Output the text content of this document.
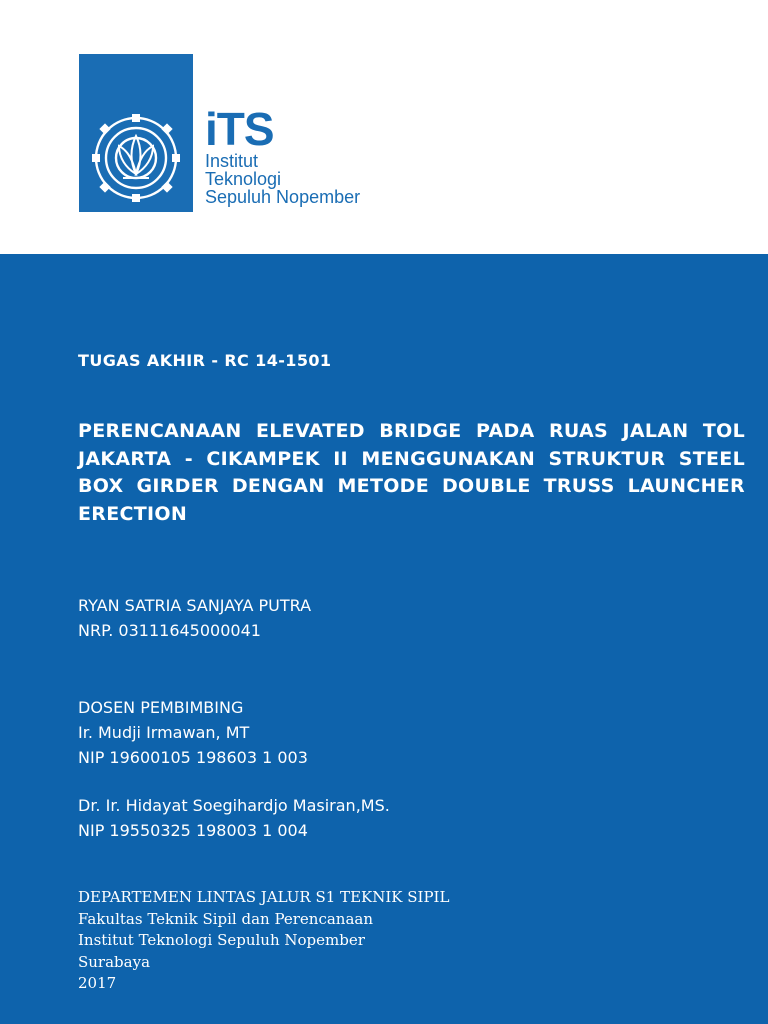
iTS
Institut
Teknologi
Sepuluh Nopember
TUGAS AKHIR - RC 14-1501
PERENCANAAN ELEVATED BRIDGE PADA RUAS JALAN TOL JAKARTA - CIKAMPEK II MENGGUNAKAN STRUKTUR STEEL BOX GIRDER DENGAN METODE DOUBLE TRUSS LAUNCHER ERECTION
RYAN SATRIA SANJAYA PUTRA
NRP. 03111645000041
DOSEN PEMBIMBING
Ir. Mudji Irmawan, MT
NIP 19600105 198603 1 003
Dr. Ir. Hidayat Soegihardjo Masiran,MS.
NIP 19550325 198003 1 004
DEPARTEMEN LINTAS JALUR S1 TEKNIK SIPIL
Fakultas Teknik Sipil dan Perencanaan
Institut Teknologi Sepuluh Nopember
Surabaya
2017
